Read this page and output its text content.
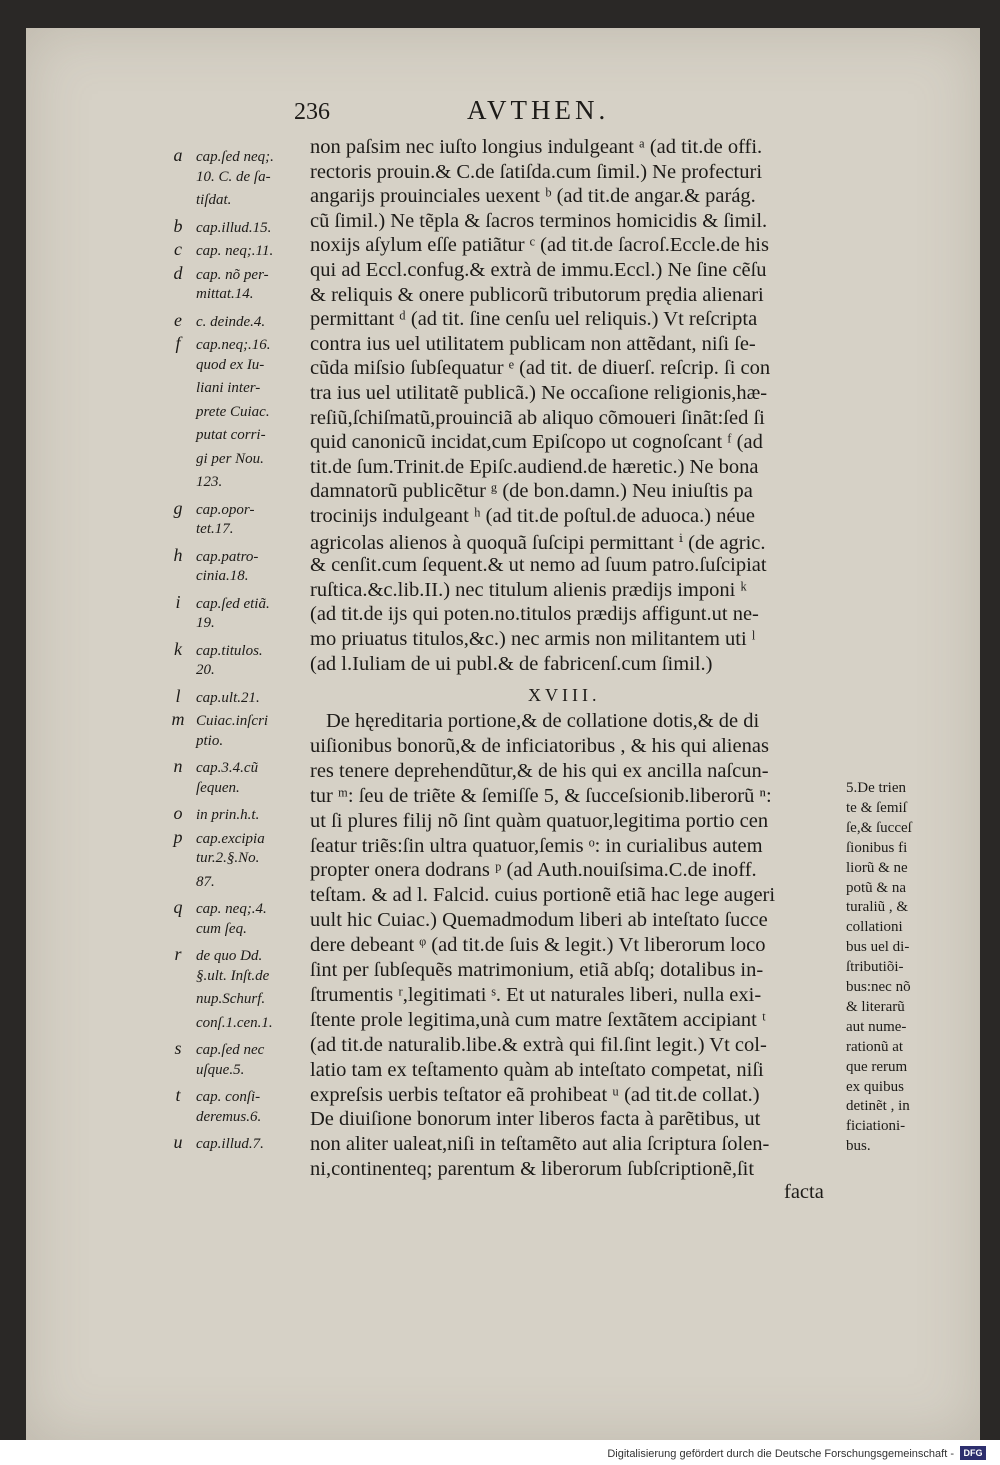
236	AVTHEN.
non paſsim nec iuſto longius indulgeant ᵃ (ad tit.de offi.
rectoris prouin.& C.de ſatiſda.cum ſimil.) Ne profecturi
angarijs prouinciales uexent ᵇ (ad tit.de angar.& parág.
cũ ſimil.) Ne tẽpla & ſacros terminos homicidis & ſimil.
noxijs aſylum eſſe patiãtur ᶜ (ad tit.de ſacroſ.Eccle.de his
qui ad Eccl.confug.& extrà de immu.Eccl.) Ne ſine cẽſu
& reliquis & onere publicorũ tributorum prędia alienari
permittant ᵈ (ad tit. ſine cenſu uel reliquis.) Vt reſcripta
contra ius uel utilitatem publicam non attẽdant, niſi ſe-
cũda miſsio ſubſequatur ᵉ (ad tit. de diuerſ. reſcrip. ſi con
tra ius uel utilitatẽ publicã.) Ne occaſione religionis,hæ-
reſiũ,ſchiſmatũ,prouinciã ab aliquo cõmoueri ſinãt:ſed ſi
quid canonicũ incidat,cum Epiſcopo ut cognoſcant ᶠ (ad
tit.de ſum.Trinit.de Epiſc.audiend.de hæretic.) Ne bona
damnatorũ publicẽtur ᵍ (de bon.damn.) Neu iniuſtis pa
trocinijs indulgeant ʰ (ad tit.de poſtul.de aduoca.) néue
agricolas alienos à quoquã ſuſcipi permittant ⁱ (de agric.
& cenſit.cum ſequent.& ut nemo ad ſuum patro.ſuſcipiat
ruſtica.&c.lib.II.) nec titulum alienis prædijs imponi ᵏ
(ad tit.de ijs qui poten.no.titulos prædijs affigunt.ut ne-
mo priuatus titulos,&c.) nec armis non militantem uti ˡ
(ad l.Iuliam de ui publ.& de fabricenſ.cum ſimil.)
XVIII.
De hęreditaria portione,& de collatione dotis,& de di
uiſionibus bonorũ,& de inficiatoribus , & his qui alienas
res tenere deprehendũtur,& de his qui ex ancilla naſcun-
tur ᵐ: ſeu de triẽte & ſemiſſe 5, & ſucceſsionib.liberorũ ⁿ:
ut ſi plures filij nõ ſint quàm quatuor,legitima portio cen
ſeatur triẽs:ſin ultra quatuor,ſemis ᵒ: in curialibus autem
propter onera dodrans ᵖ (ad Auth.nouiſsima.C.de inoff.
teſtam. & ad l. Falcid. cuius portionẽ etiã hac lege augeri
uult hic Cuiac.) Quemadmodum liberi ab inteſtato ſucce
dere debeant ᵠ (ad tit.de ſuis & legit.) Vt liberorum loco
ſint per ſubſequẽs matrimonium, etiã abſq; dotalibus in-
ſtrumentis ʳ,legitimati ˢ. Et ut naturales liberi, nulla exi-
ſtente prole legitima,unà cum matre ſextãtem accipiant ᵗ
(ad tit.de naturalib.libe.& extrà qui fil.ſint legit.) Vt col-
latio tam ex teſtamento quàm ab inteſtato competat, niſi
expreſsis uerbis teſtator eã prohibeat ᵘ (ad tit.de collat.)
De diuiſione bonorum inter liberos facta à parẽtibus, ut
non aliter ualeat,niſi in teſtamẽto aut alia ſcriptura ſolen-
ni,continenteq; parentum & liberorum ſubſcriptionẽ,ſit
facta
a cap.ſed neq;.
10. C. de ſa-
tiſdat.
b cap.illud.15.
c cap. neq;.11.
d cap. nõ per-
mittat.14.
e c. deinde.4.
f cap.neq;.16.
quod ex Iu-
liani inter-
prete Cuiac.
putat corri-
gi per Nou.
123.
g cap.opor-
tet.17.
h cap.patro-
cinia.18.
i cap.ſed etiã.
19.
k cap.titulos.
20.
l cap.ult.21.
m Cuiac.inſcri
ptio.
n cap.3.4.cũ
ſequen.
o in prin.h.t.
p cap.excipia
tur.2.§.No.
87.
q cap. neq;.4.
cum ſeq.
r de quo Dd.
§.ult. Inſt.de
nup.Schurf.
conſ.1.cen.1.
s cap.ſed nec
uſque.5.
t cap. conſi-
deremus.6.
u cap.illud.7.
5.De trien
te & ſemiſ
ſe,& ſucceſ
ſionibus fi
liorũ & ne
potũ & na
turaliũ , &
collationi
bus uel di-
ſtributiõi-
bus:nec nõ
& literarũ
aut nume-
rationũ at
que rerum
ex quibus
detinẽt , in
ficiationi-
bus.
Digitalisierung gefördert durch die Deutsche Forschungsgemeinschaft -	DFG
